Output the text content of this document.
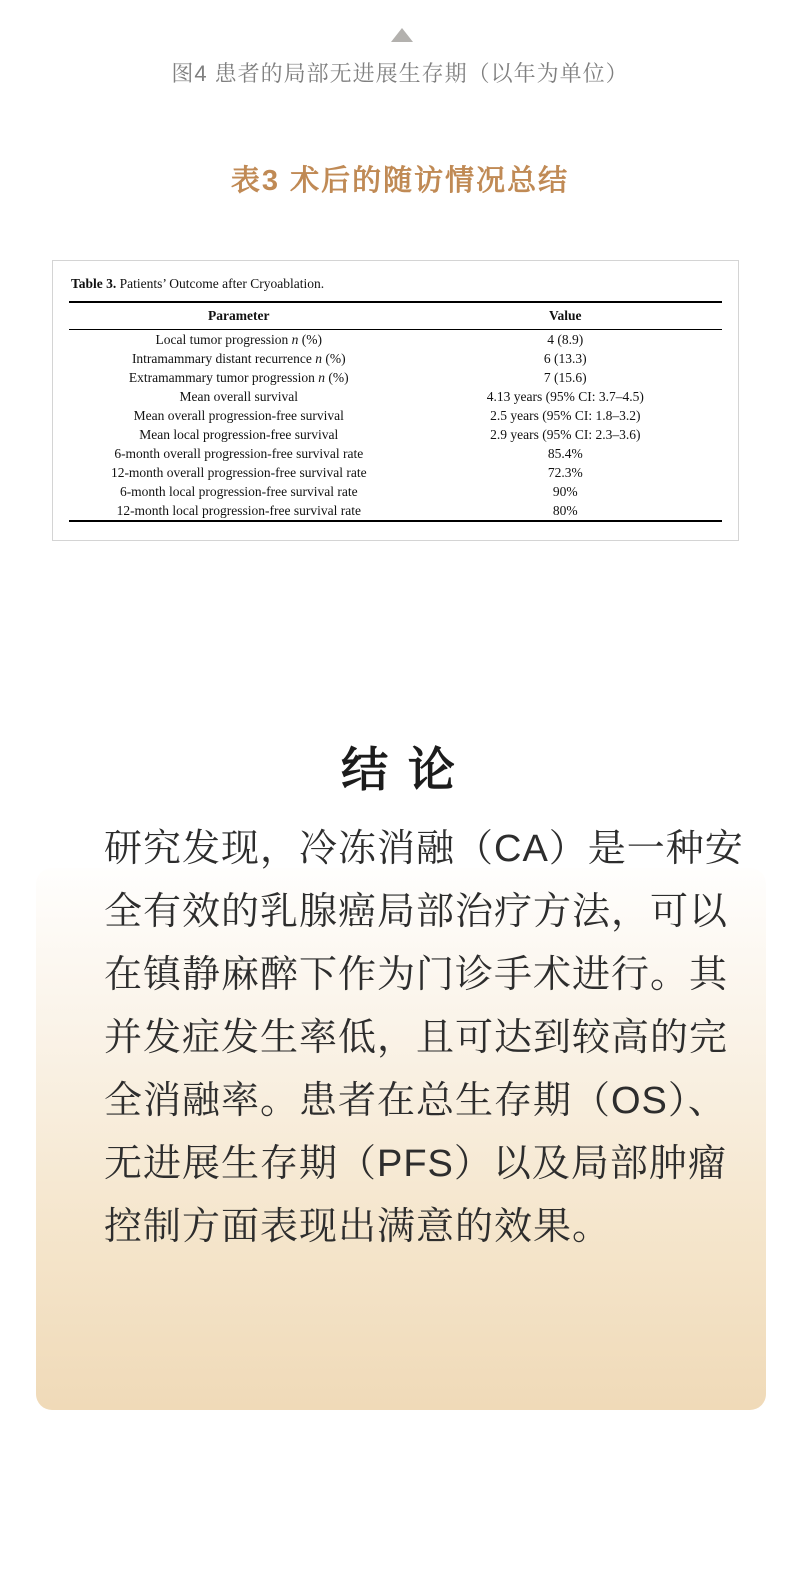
图4 患者的局部无进展生存期（以年为单位）
表3 术后的随访情况总结

Table 3. Patients’ Outcome after Cryoablation.

Parameter	Value
Local tumor progression n (%)	4 (8.9)
Intramammary distant recurrence n (%)	6 (13.3)
Extramammary tumor progression n (%)	7 (15.6)
Mean overall survival	4.13 years (95% CI: 3.7–4.5)
Mean overall progression-free survival	2.5 years (95% CI: 1.8–3.2)
Mean local progression-free survival	2.9 years (95% CI: 2.3–3.6)
6-month overall progression-free survival rate	85.4%
12-month overall progression-free survival rate	72.3%
6-month local progression-free survival rate	90%
12-month local progression-free survival rate	80%
结 论
研究发现，冷冻消融（CA）是一种安
全有效的乳腺癌局部治疗方法，可以
在镇静麻醉下作为门诊手术进行。其
并发症发生率低，且可达到较高的完
全消融率。患者在总生存期（OS）、
无进展生存期（PFS）以及局部肿瘤
控制方面表现出满意的效果。
